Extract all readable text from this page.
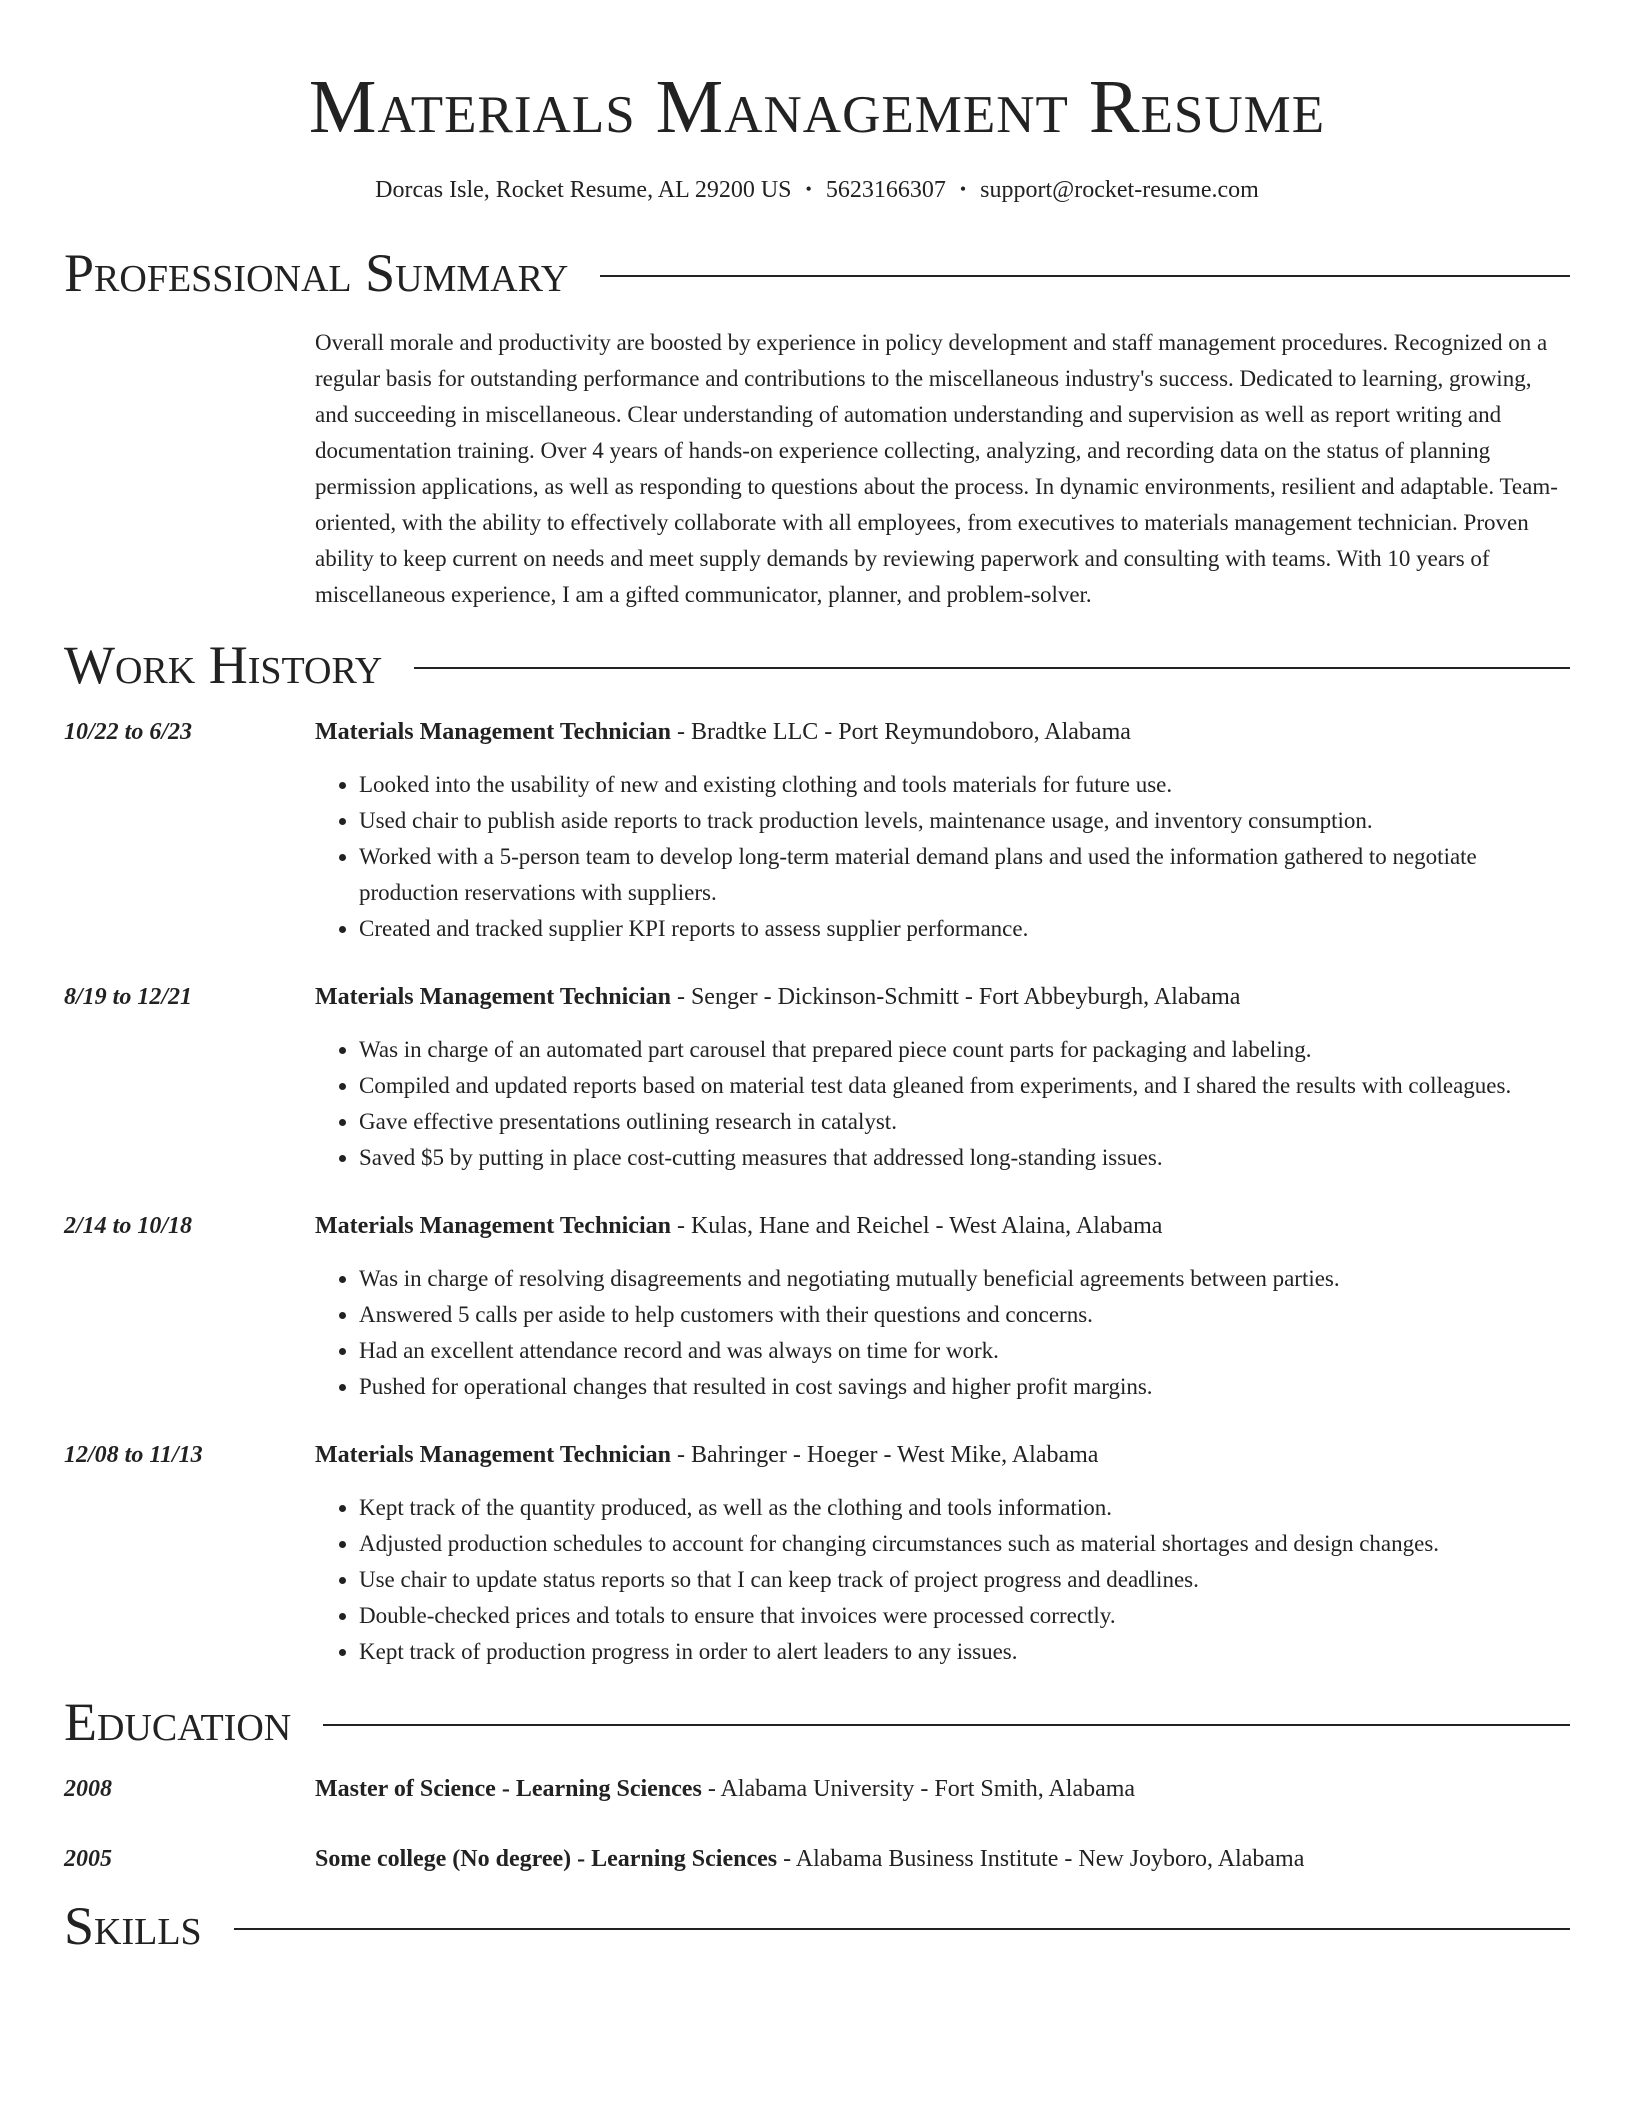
Materials Management Resume
Dorcas Isle, Rocket Resume, AL 29200 US • 5623166307 • support@rocket-resume.com
Professional Summary
Overall morale and productivity are boosted by experience in policy development and staff management procedures. Recognized on a regular basis for outstanding performance and contributions to the miscellaneous industry's success. Dedicated to learning, growing, and succeeding in miscellaneous. Clear understanding of automation understanding and supervision as well as report writing and documentation training. Over 4 years of hands-on experience collecting, analyzing, and recording data on the status of planning permission applications, as well as responding to questions about the process. In dynamic environments, resilient and adaptable. Team-oriented, with the ability to effectively collaborate with all employees, from executives to materials management technician. Proven ability to keep current on needs and meet supply demands by reviewing paperwork and consulting with teams. With 10 years of miscellaneous experience, I am a gifted communicator, planner, and problem-solver.
Work History
10/22 to 6/23	Materials Management Technician - Bradtke LLC - Port Reymundoboro, Alabama
• Looked into the usability of new and existing clothing and tools materials for future use.
• Used chair to publish aside reports to track production levels, maintenance usage, and inventory consumption.
• Worked with a 5-person team to develop long-term material demand plans and used the information gathered to negotiate production reservations with suppliers.
• Created and tracked supplier KPI reports to assess supplier performance.
8/19 to 12/21	Materials Management Technician - Senger - Dickinson-Schmitt - Fort Abbeyburgh, Alabama
• Was in charge of an automated part carousel that prepared piece count parts for packaging and labeling.
• Compiled and updated reports based on material test data gleaned from experiments, and I shared the results with colleagues.
• Gave effective presentations outlining research in catalyst.
• Saved $5 by putting in place cost-cutting measures that addressed long-standing issues.
2/14 to 10/18	Materials Management Technician - Kulas, Hane and Reichel - West Alaina, Alabama
• Was in charge of resolving disagreements and negotiating mutually beneficial agreements between parties.
• Answered 5 calls per aside to help customers with their questions and concerns.
• Had an excellent attendance record and was always on time for work.
• Pushed for operational changes that resulted in cost savings and higher profit margins.
12/08 to 11/13	Materials Management Technician - Bahringer - Hoeger - West Mike, Alabama
• Kept track of the quantity produced, as well as the clothing and tools information.
• Adjusted production schedules to account for changing circumstances such as material shortages and design changes.
• Use chair to update status reports so that I can keep track of project progress and deadlines.
• Double-checked prices and totals to ensure that invoices were processed correctly.
• Kept track of production progress in order to alert leaders to any issues.
Education
2008	Master of Science - Learning Sciences - Alabama University - Fort Smith, Alabama
2005	Some college (No degree) - Learning Sciences - Alabama Business Institute - New Joyboro, Alabama
Skills
